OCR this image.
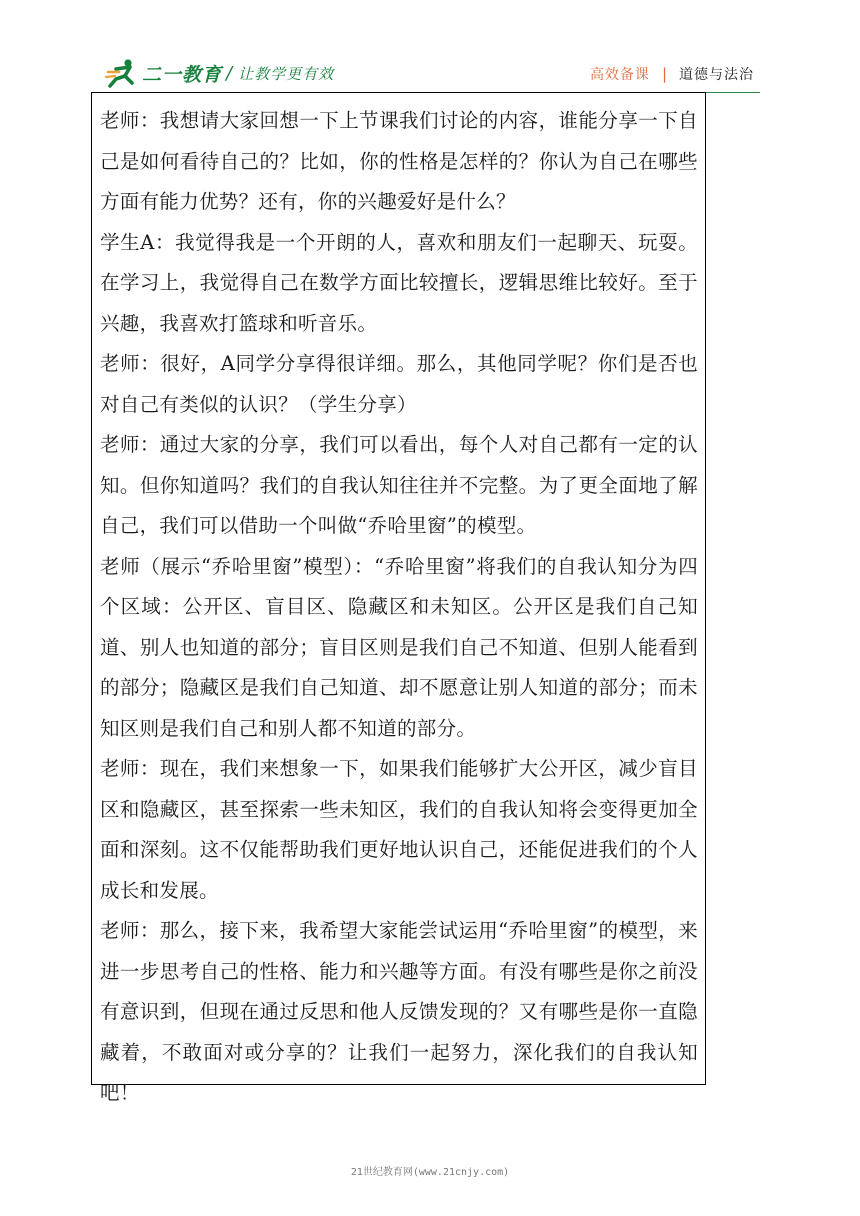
二一教育 / 让教学更有效	高效备课 | 道德与法治

老师：我想请大家回想一下上节课我们讨论的内容，谁能分享一下自己是如何看待自己的？比如，你的性格是怎样的？你认为自己在哪些方面有能力优势？还有，你的兴趣爱好是什么？

学生A：我觉得我是一个开朗的人，喜欢和朋友们一起聊天、玩耍。在学习上，我觉得自己在数学方面比较擅长，逻辑思维比较好。至于兴趣，我喜欢打篮球和听音乐。

老师：很好，A同学分享得很详细。那么，其他同学呢？你们是否也对自己有类似的认识？（学生分享）

老师：通过大家的分享，我们可以看出，每个人对自己都有一定的认知。但你知道吗？我们的自我认知往往并不完整。为了更全面地了解自己，我们可以借助一个叫做“乔哈里窗”的模型。

老师（展示“乔哈里窗”模型）：“乔哈里窗”将我们的自我认知分为四个区域：公开区、盲目区、隐藏区和未知区。公开区是我们自己知道、别人也知道的部分；盲目区则是我们自己不知道、但别人能看到的部分；隐藏区是我们自己知道、却不愿意让别人知道的部分；而未知区则是我们自己和别人都不知道的部分。

老师：现在，我们来想象一下，如果我们能够扩大公开区，减少盲目区和隐藏区，甚至探索一些未知区，我们的自我认知将会变得更加全面和深刻。这不仅能帮助我们更好地认识自己，还能促进我们的个人成长和发展。

老师：那么，接下来，我希望大家能尝试运用“乔哈里窗”的模型，来进一步思考自己的性格、能力和兴趣等方面。有没有哪些是你之前没有意识到，但现在通过反思和他人反馈发现的？又有哪些是你一直隐藏着，不敢面对或分享的？让我们一起努力，深化我们的自我认知吧！

21世纪教育网(www.21cnjy.com)
